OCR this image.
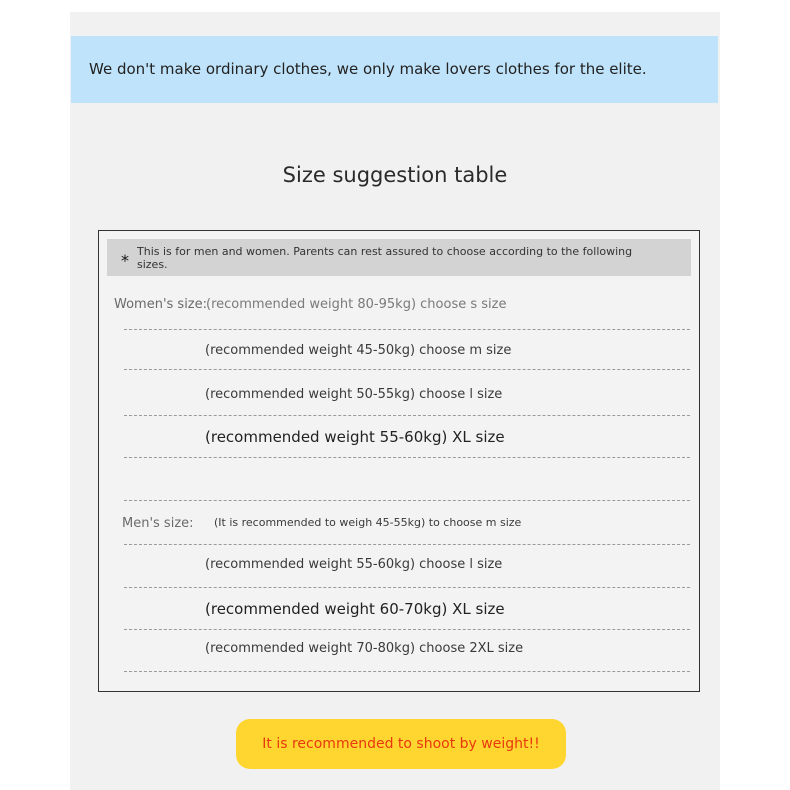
We don't make ordinary clothes, we only make lovers clothes for the elite.
Size suggestion table
* This is for men and women. Parents can rest assured to choose according to the following sizes.
Women's size:
(recommended weight 80-95kg) choose s size
(recommended weight 45-50kg) choose m size
(recommended weight 50-55kg) choose l size
(recommended weight 55-60kg) XL size
Men's size: (It is recommended to weigh 45-55kg) to choose m size
(recommended weight 55-60kg) choose l size
(recommended weight 60-70kg) XL size
(recommended weight 70-80kg) choose 2XL size
It is recommended to shoot by weight!!
